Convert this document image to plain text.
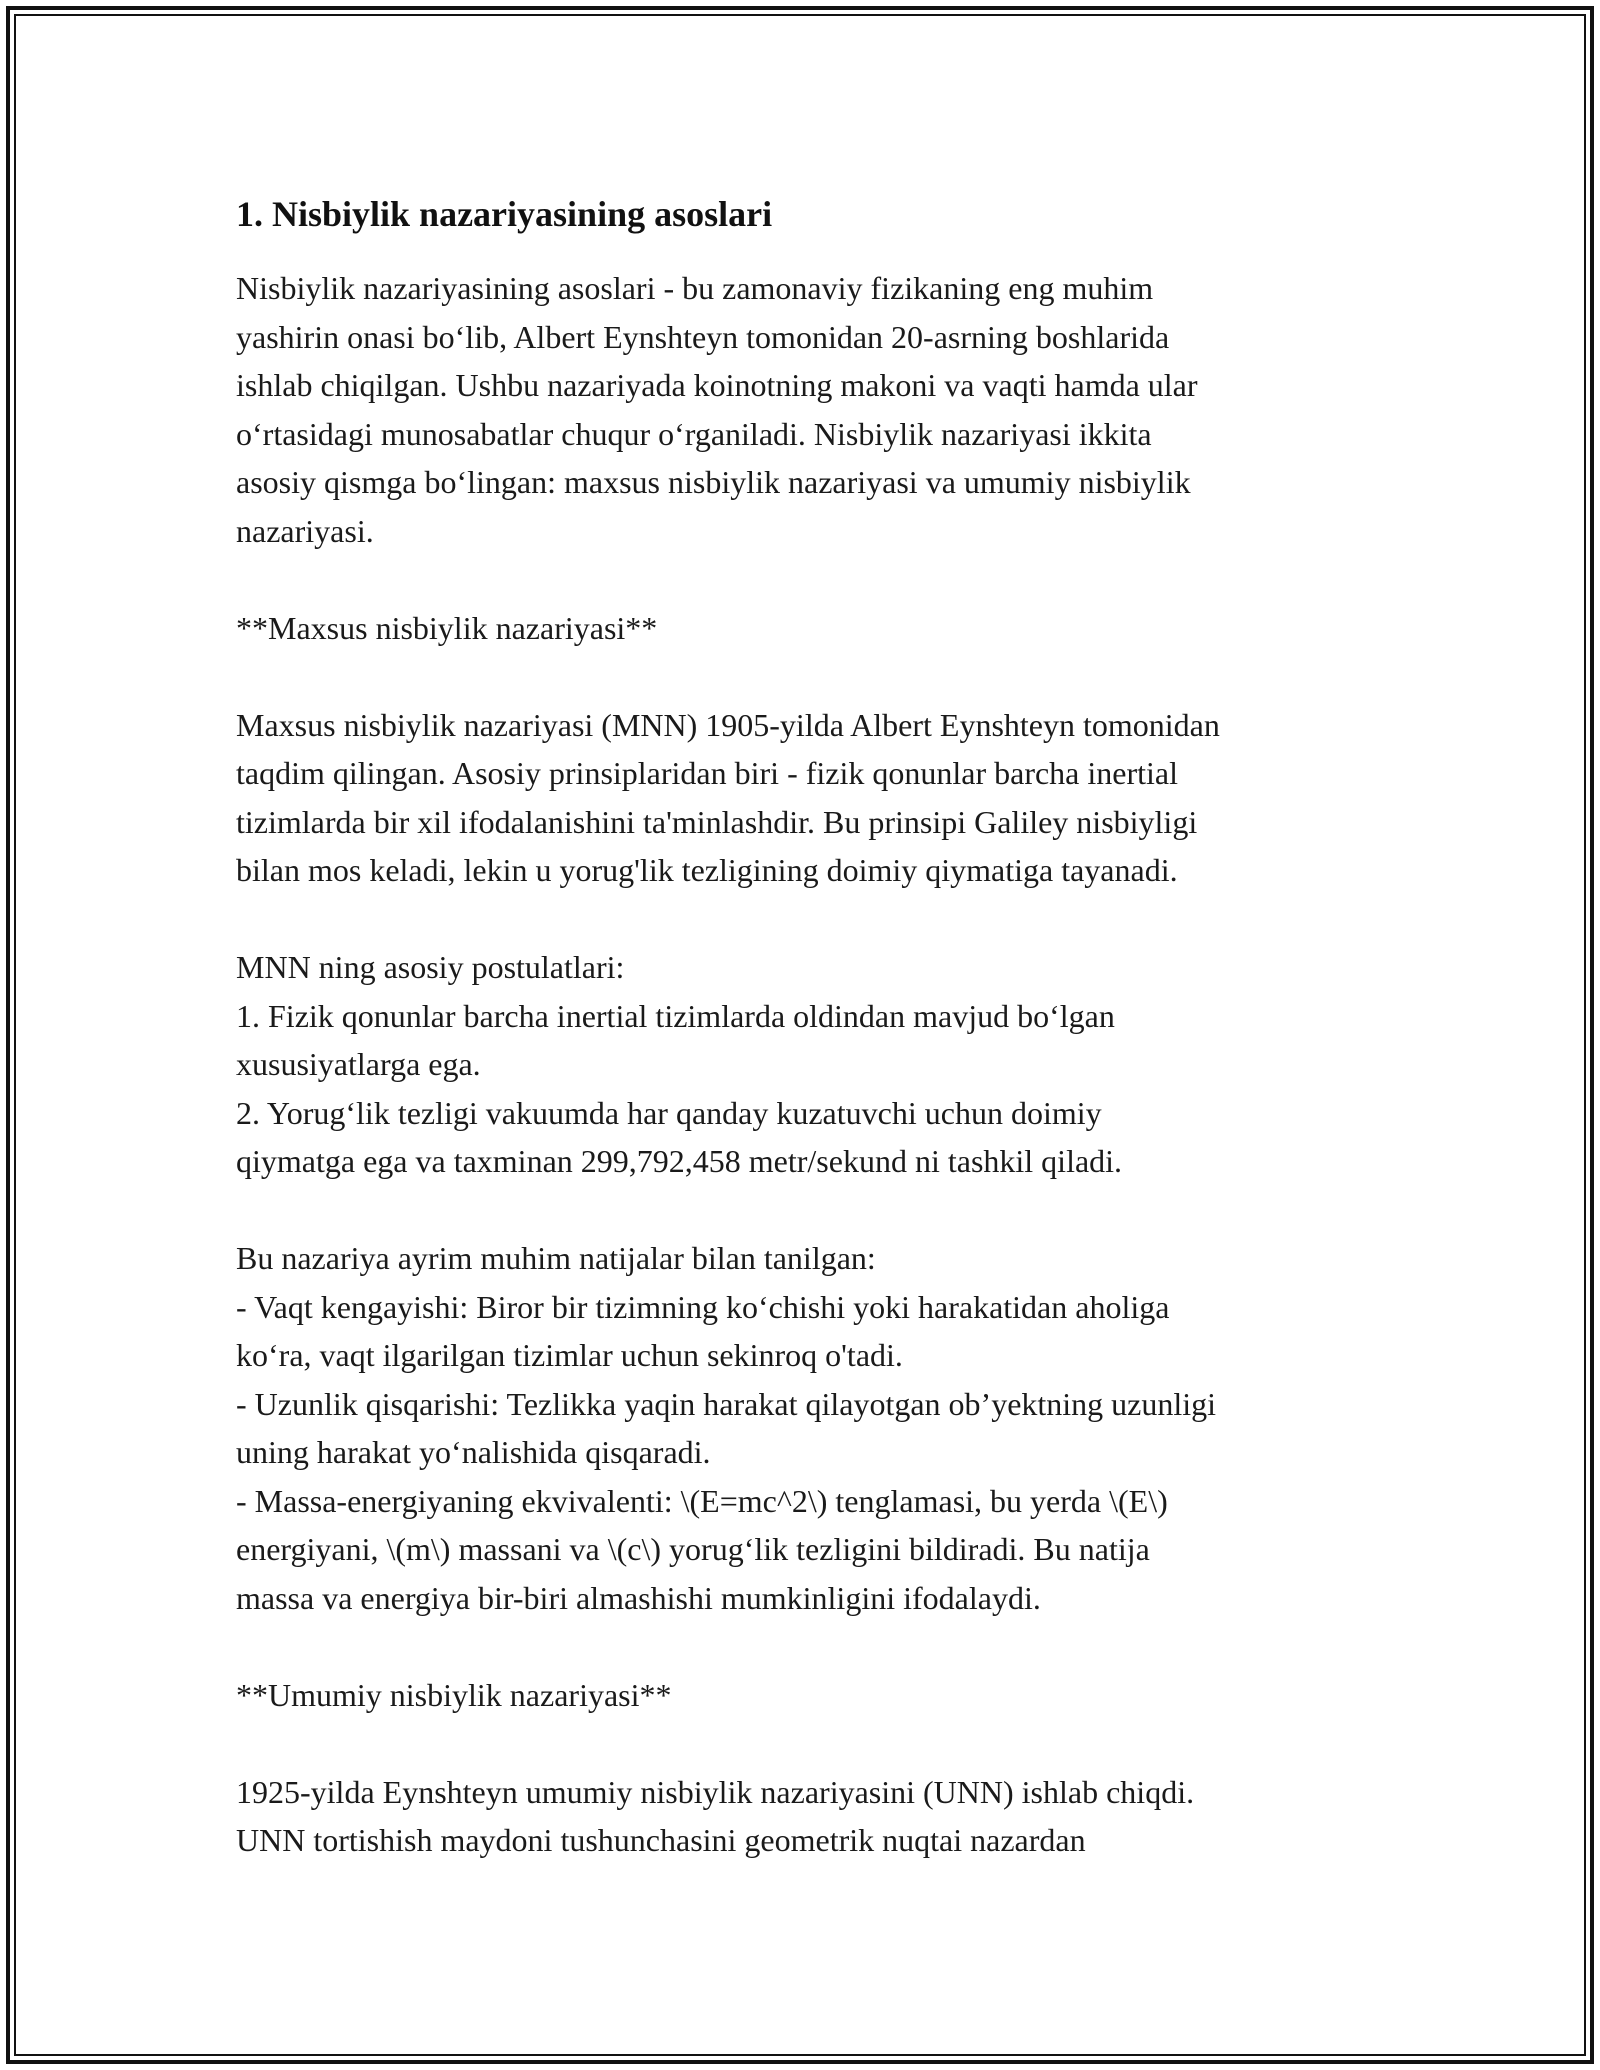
1. Nisbiylik nazariyasining asoslari

Nisbiylik nazariyasining asoslari - bu zamonaviy fizikaning eng muhim
yashirin onasi bo‘lib, Albert Eynshteyn tomonidan 20-asrning boshlarida
ishlab chiqilgan. Ushbu nazariyada koinotning makoni va vaqti hamda ular
o‘rtasidagi munosabatlar chuqur o‘rganiladi. Nisbiylik nazariyasi ikkita
asosiy qismga bo‘lingan: maxsus nisbiylik nazariyasi va umumiy nisbiylik
nazariyasi.

**Maxsus nisbiylik nazariyasi**

Maxsus nisbiylik nazariyasi (MNN) 1905-yilda Albert Eynshteyn tomonidan
taqdim qilingan. Asosiy prinsiplaridan biri - fizik qonunlar barcha inertial
tizimlarda bir xil ifodalanishini ta'minlashdir. Bu prinsipi Galiley nisbiyligi
bilan mos keladi, lekin u yorug'lik tezligining doimiy qiymatiga tayanadi.

MNN ning asosiy postulatlari:
1. Fizik qonunlar barcha inertial tizimlarda oldindan mavjud bo‘lgan
xususiyatlarga ega.
2. Yorug‘lik tezligi vakuumda har qanday kuzatuvchi uchun doimiy
qiymatga ega va taxminan 299,792,458 metr/sekund ni tashkil qiladi.

Bu nazariya ayrim muhim natijalar bilan tanilgan:
- Vaqt kengayishi: Biror bir tizimning ko‘chishi yoki harakatidan aholiga
ko‘ra, vaqt ilgarilgan tizimlar uchun sekinroq o'tadi.
- Uzunlik qisqarishi: Tezlikka yaqin harakat qilayotgan ob’yektning uzunligi
uning harakat yo‘nalishida qisqaradi.
- Massa-energiyaning ekvivalenti: \(E=mc^2\) tenglamasi, bu yerda \(E\)
energiyani, \(m\) massani va \(c\) yorug‘lik tezligini bildiradi. Bu natija
massa va energiya bir-biri almashishi mumkinligini ifodalaydi.

**Umumiy nisbiylik nazariyasi**

1925-yilda Eynshteyn umumiy nisbiylik nazariyasini (UNN) ishlab chiqdi.
UNN tortishish maydoni tushunchasini geometrik nuqtai nazardan
